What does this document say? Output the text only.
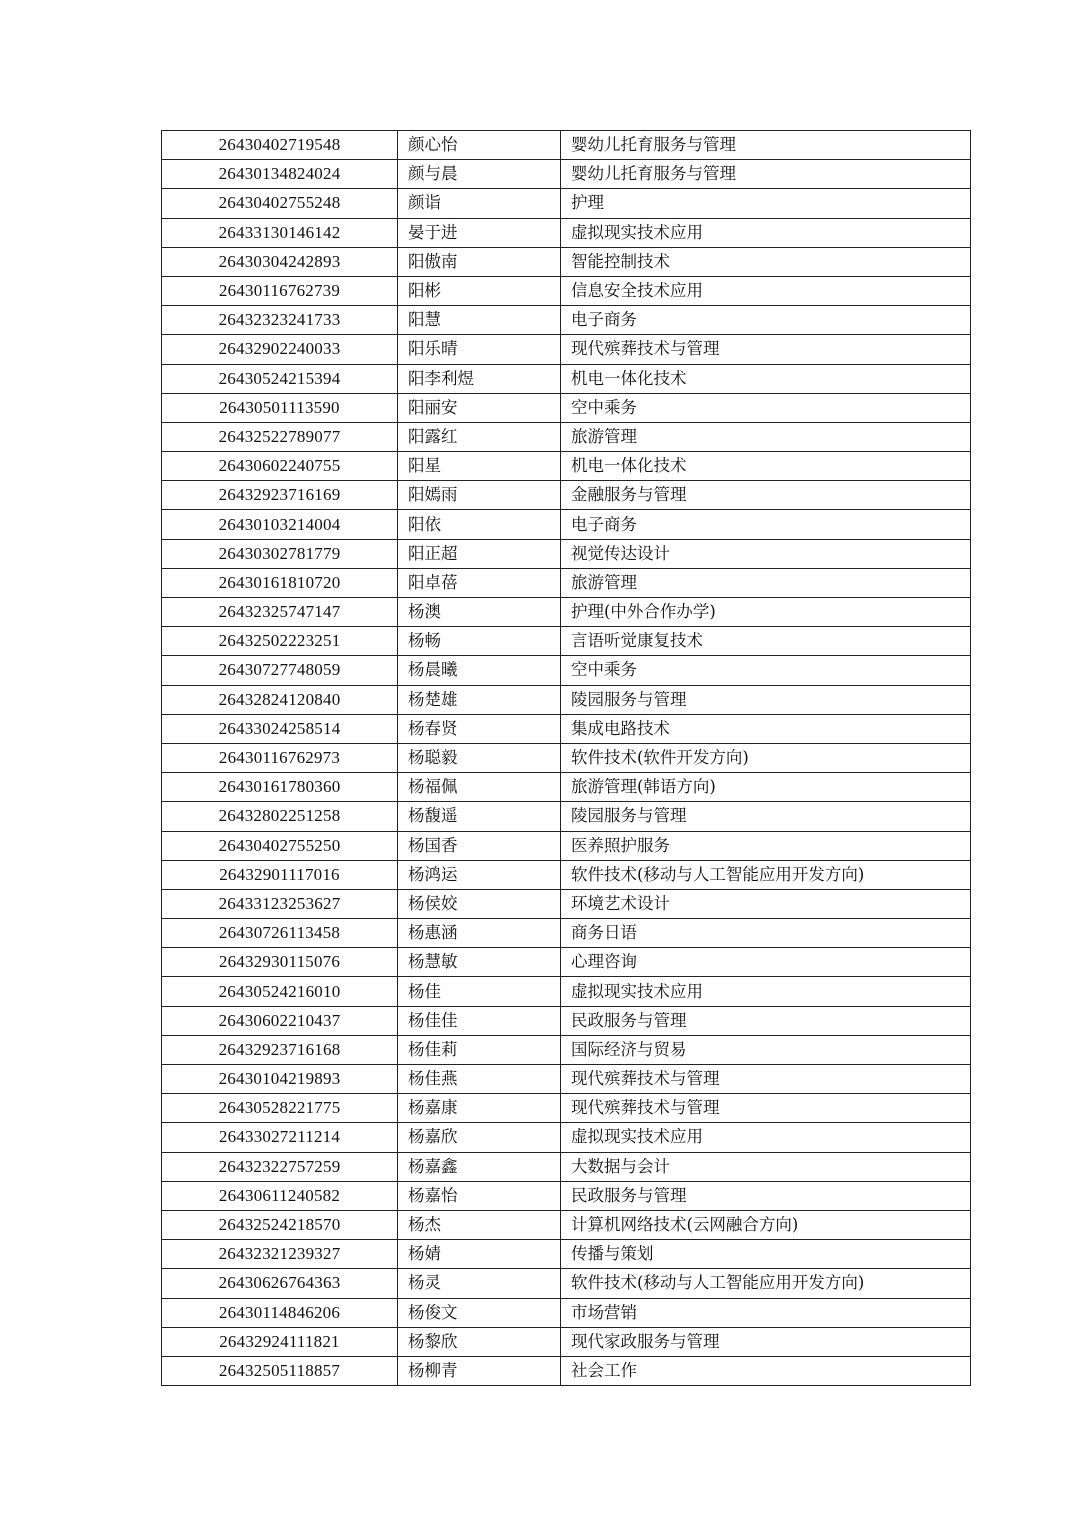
26430402719548	颜心怡	婴幼儿托育服务与管理
26430134824024	颜与晨	婴幼儿托育服务与管理
26430402755248	颜诣	护理
26433130146142	晏于进	虚拟现实技术应用
26430304242893	阳傲南	智能控制技术
26430116762739	阳彬	信息安全技术应用
26432323241733	阳慧	电子商务
26432902240033	阳乐晴	现代殡葬技术与管理
26430524215394	阳李利煜	机电一体化技术
26430501113590	阳丽安	空中乘务
26432522789077	阳露红	旅游管理
26430602240755	阳星	机电一体化技术
26432923716169	阳嫣雨	金融服务与管理
26430103214004	阳依	电子商务
26430302781779	阳正超	视觉传达设计
26430161810720	阳卓蓓	旅游管理
26432325747147	杨澳	护理(中外合作办学)
26432502223251	杨畅	言语听觉康复技术
26430727748059	杨晨曦	空中乘务
26432824120840	杨楚雄	陵园服务与管理
26433024258514	杨春贤	集成电路技术
26430116762973	杨聪毅	软件技术(软件开发方向)
26430161780360	杨福佩	旅游管理(韩语方向)
26432802251258	杨馥遥	陵园服务与管理
26430402755250	杨国香	医养照护服务
26432901117016	杨鸿运	软件技术(移动与人工智能应用开发方向)
26433123253627	杨侯姣	环境艺术设计
26430726113458	杨惠涵	商务日语
26432930115076	杨慧敏	心理咨询
26430524216010	杨佳	虚拟现实技术应用
26430602210437	杨佳佳	民政服务与管理
26432923716168	杨佳莉	国际经济与贸易
26430104219893	杨佳燕	现代殡葬技术与管理
26430528221775	杨嘉康	现代殡葬技术与管理
26433027211214	杨嘉欣	虚拟现实技术应用
26432322757259	杨嘉鑫	大数据与会计
26430611240582	杨嘉怡	民政服务与管理
26432524218570	杨杰	计算机网络技术(云网融合方向)
26432321239327	杨婧	传播与策划
26430626764363	杨灵	软件技术(移动与人工智能应用开发方向)
26430114846206	杨俊文	市场营销
26432924111821	杨黎欣	现代家政服务与管理
26432505118857	杨柳青	社会工作
